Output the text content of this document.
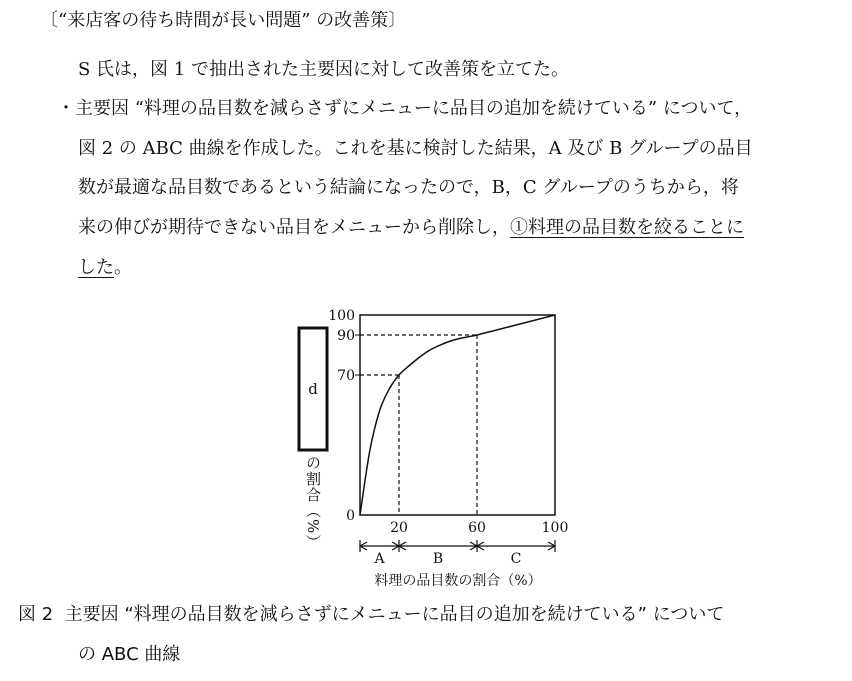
〔“来店客の待ち時間が長い問題” の改善策〕
S 氏は，図 1 で抽出された主要因に対して改善策を立てた。
・主要因 “料理の品目数を減らさずにメニューに品目の追加を続けている” について，
図 2 の ABC 曲線を作成した。これを基に検討した結果，A 及び B グループの品目
数が最適な品目数であるという結論になったので，B，C グループのうちから，将
来の伸びが期待できない品目をメニューから削除し，①料理の品目数を絞ることに
した。
d
の割合（%） 0
70
90
100
20	60	100
A	B	C
料理の品目数の割合（%）
図 2 主要因 “料理の品目数を減らさずにメニューに品目の追加を続けている” について
の ABC 曲線
